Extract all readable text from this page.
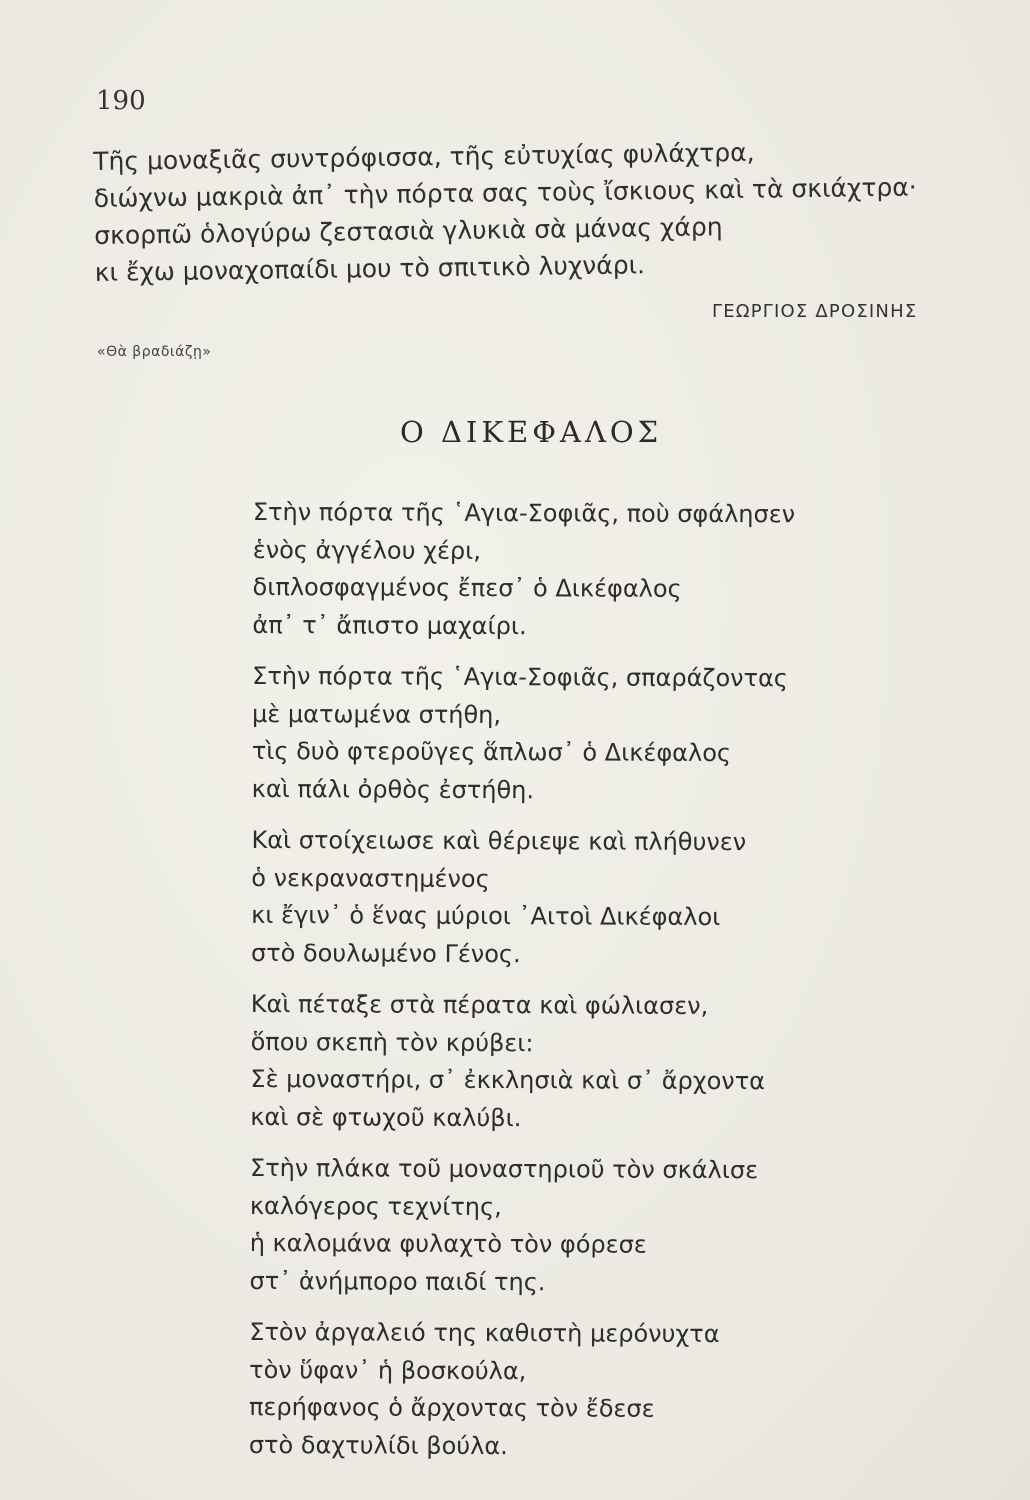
190
Τῆς μοναξιᾶς συντρόφισσα, τῆς εὐτυχίας φυλάχτρα,
διώχνω μακριὰ ἀπ᾿ τὴν πόρτα σας τοὺς ἴσκιους καὶ τὰ σκιάχτρα·
σκορπῶ ὁλογύρω ζεστασιὰ γλυκιὰ σὰ μάνας χάρη
κι ἔχω μοναχοπαίδι μου τὸ σπιτικὸ λυχνάρι.
ΓΕΩΡΓΙΟΣ ΔΡΟΣΙΝΗΣ
«Θὰ βραδιάζῃ»
Ο ΔΙΚΕΦΑΛΟΣ
Στὴν πόρτα τῆς ῾Αγια-Σοφιᾶς, ποὺ σφάλησεν
ἑνὸς ἀγγέλου χέρι,
διπλοσφαγμένος ἔπεσ᾿ ὁ Δικέφαλος
ἀπ᾿ τ᾿ ἄπιστο μαχαίρι.
Στὴν πόρτα τῆς ῾Αγια-Σοφιᾶς, σπαράζοντας
μὲ ματωμένα στήθη,
τὶς δυὸ φτεροῦγες ἅπλωσ᾿ ὁ Δικέφαλος
καὶ πάλι ὀρθὸς ἐστήθη.
Καὶ στοίχειωσε καὶ θέριεψε καὶ πλήθυνεν
ὁ νεκραναστημένος
κι ἔγιν᾿ ὁ ἕνας μύριοι ᾿Αιτοὶ Δικέφαλοι
στὸ δουλωμένο Γένος.
Καὶ πέταξε στὰ πέρατα καὶ φώλιασεν,
ὅπου σκεπὴ τὸν κρύβει:
Σὲ μοναστήρι, σ᾿ ἐκκλησιὰ καὶ σ᾿ ἄρχοντα
καὶ σὲ φτωχοῦ καλύβι.
Στὴν πλάκα τοῦ μοναστηριοῦ τὸν σκάλισε
καλόγερος τεχνίτης,
ἡ καλομάνα φυλαχτὸ τὸν φόρεσε
στ᾿ ἀνήμπορο παιδί της.
Στὸν ἀργαλειό της καθιστὴ μερόνυχτα
τὸν ὕφαν᾿ ἡ βοσκούλα,
περήφανος ὁ ἄρχοντας τὸν ἔδεσε
στὸ δαχτυλίδι βούλα.
